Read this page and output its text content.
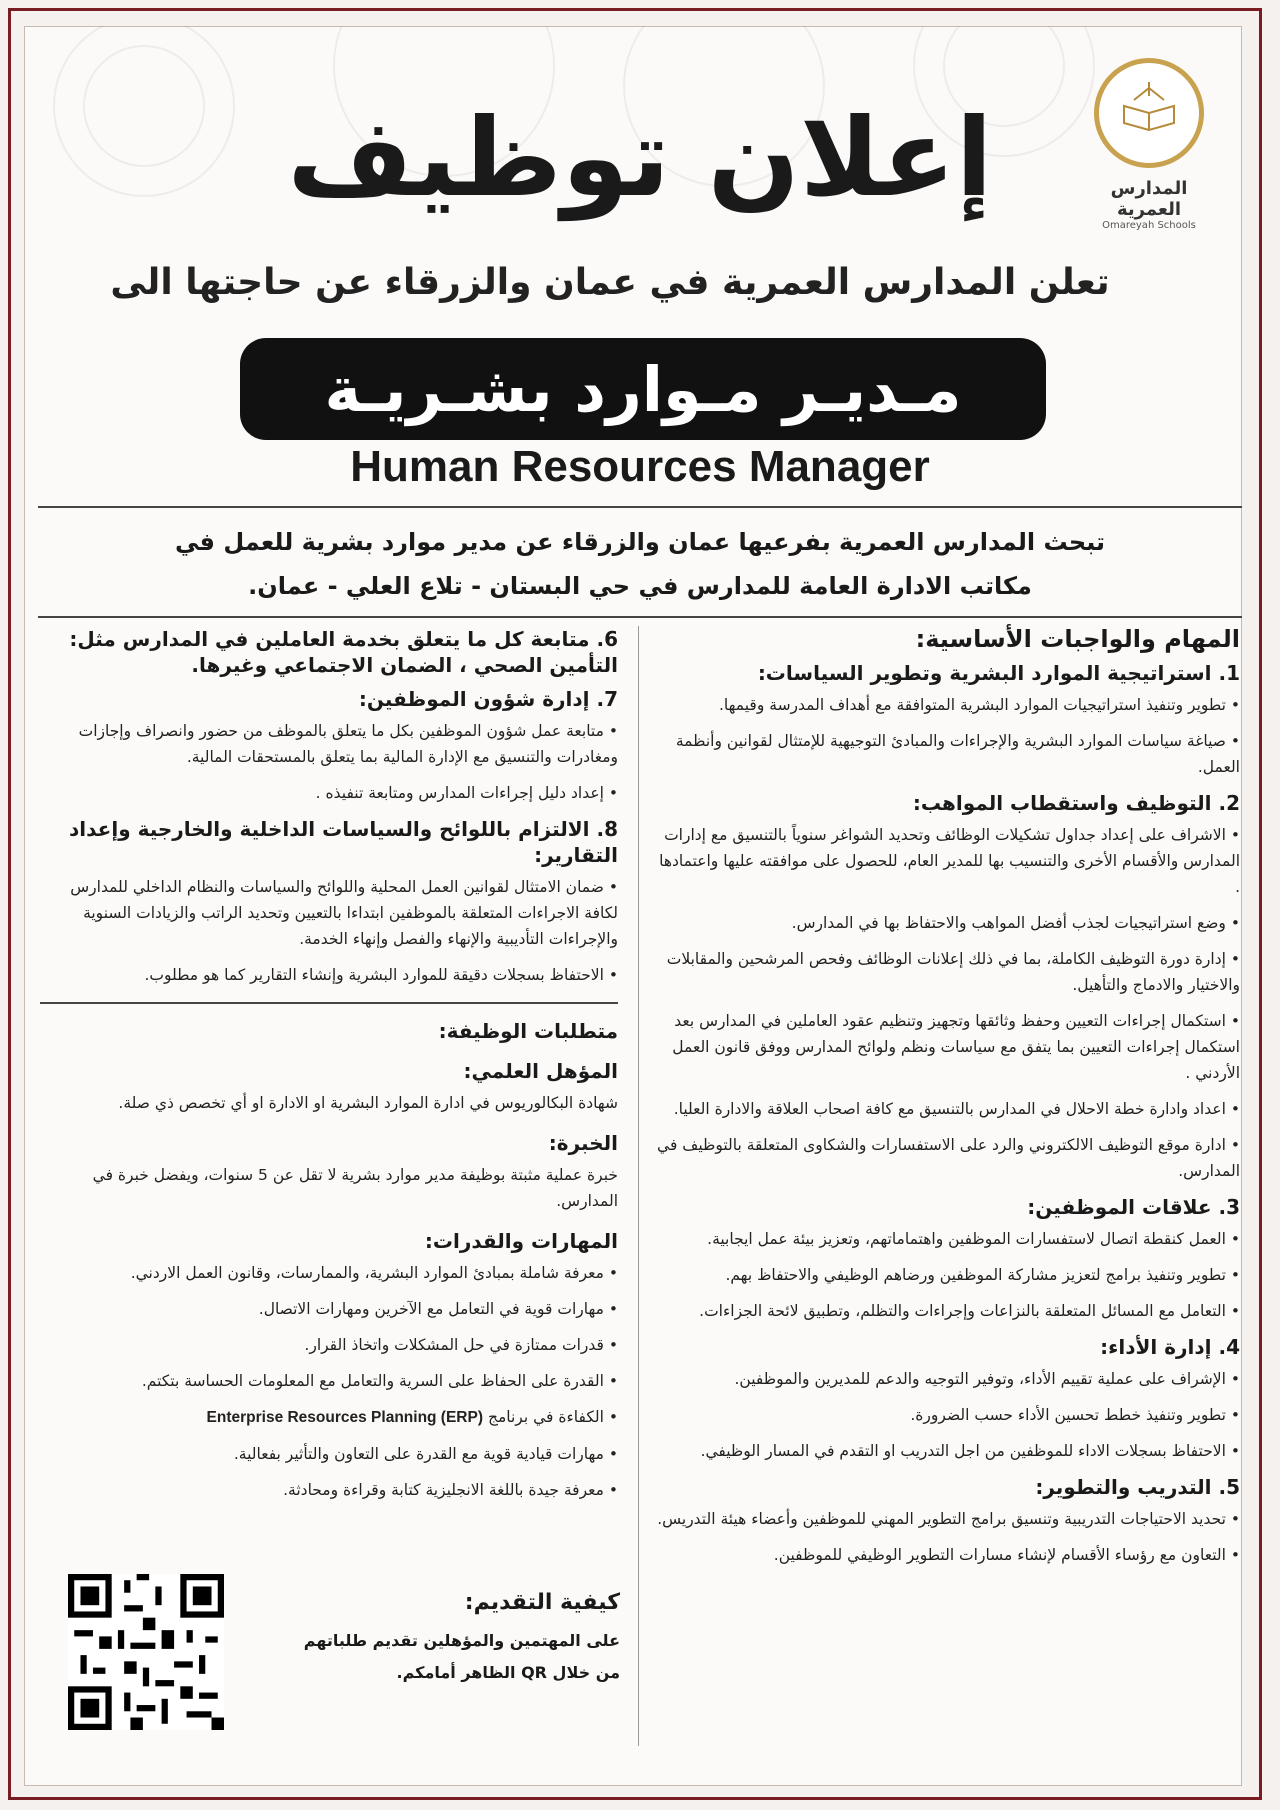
المدارس العمرية
Omareyah Schools
إعلان توظيف
تعلن المدارس العمرية في عمان والزرقاء عن حاجتها الى
مـديـر مـوارد بشـريـة
Human Resources Manager
تبحث المدارس العمرية بفرعيها عمان والزرقاء عن مدير موارد بشرية للعمل في
مكاتب الادارة العامة للمدارس في حي البستان - تلاع العلي - عمان.
المهام والواجبات الأساسية:
1. استراتيجية الموارد البشرية وتطوير السياسات:
• تطوير وتنفيذ استراتيجيات الموارد البشرية المتوافقة مع أهداف المدرسة وقيمها.
• صياغة سياسات الموارد البشرية والإجراءات والمبادئ التوجيهية للإمتثال لقوانين وأنظمة العمل.
2. التوظيف واستقطاب المواهب:
• الاشراف على إعداد جداول تشكيلات الوظائف وتحديد الشواغر سنوياً بالتنسيق مع إدارات المدارس والأقسام الأخرى والتنسيب بها للمدير العام، للحصول على موافقته عليها واعتمادها .
• وضع استراتيجيات لجذب أفضل المواهب والاحتفاظ بها في المدارس.
• إدارة دورة التوظيف الكاملة، بما في ذلك إعلانات الوظائف وفحص المرشحين والمقابلات والاختيار والادماج والتأهيل.
• استكمال إجراءات التعيين وحفظ وثائقها وتجهيز وتنظيم عقود العاملين في المدارس بعد استكمال إجراءات التعيين بما يتفق مع سياسات ونظم ولوائح المدارس ووفق قانون العمل الأردني .
• اعداد وادارة خطة الاحلال في المدارس بالتنسيق مع كافة اصحاب العلاقة والادارة العليا.
• ادارة موقع التوظيف الالكتروني والرد على الاستفسارات والشكاوى المتعلقة بالتوظيف في المدارس.
3. علاقات الموظفين:
• العمل كنقطة اتصال لاستفسارات الموظفين واهتماماتهم، وتعزيز بيئة عمل ايجابية.
• تطوير وتنفيذ برامج لتعزيز مشاركة الموظفين ورضاهم الوظيفي والاحتفاظ بهم.
• التعامل مع المسائل المتعلقة بالنزاعات وإجراءات والتظلم، وتطبيق لائحة الجزاءات.
4. إدارة الأداء:
• الإشراف على عملية تقييم الأداء، وتوفير التوجيه والدعم للمديرين والموظفين.
• تطوير وتنفيذ خطط تحسين الأداء حسب الضرورة.
• الاحتفاظ بسجلات الاداء للموظفين من اجل التدريب او التقدم في المسار الوظيفي.
5. التدريب والتطوير:
• تحديد الاحتياجات التدريبية وتنسيق برامج التطوير المهني للموظفين وأعضاء هيئة التدريس.
• التعاون مع رؤساء الأقسام لإنشاء مسارات التطوير الوظيفي للموظفين.
6. متابعة كل ما يتعلق بخدمة العاملين في المدارس مثل: التأمين الصحي ، الضمان الاجتماعي وغيرها.
7. إدارة شؤون الموظفين:
• متابعة عمل شؤون الموظفين بكل ما يتعلق بالموظف من حضور وانصراف وإجازات ومغادرات والتنسيق مع الإدارة المالية بما يتعلق بالمستحقات المالية.
• إعداد دليل إجراءات المدارس ومتابعة تنفيذه .
8. الالتزام باللوائح والسياسات الداخلية والخارجية وإعداد التقارير:
• ضمان الامتثال لقوانين العمل المحلية واللوائح والسياسات والنظام الداخلي للمدارس لكافة الاجراءات المتعلقة بالموظفين ابتداءا بالتعيين وتحديد الراتب والزيادات السنوية والإجراءات التأديبية والإنهاء والفصل وإنهاء الخدمة.
• الاحتفاظ بسجلات دقيقة للموارد البشرية وإنشاء التقارير كما هو مطلوب.
متطلبات الوظيفة:
المؤهل العلمي:
شهادة البكالوريوس في ادارة الموارد البشرية او الادارة او أي تخصص ذي صلة.
الخبرة:
خبرة عملية مثبتة بوظيفة مدير موارد بشرية لا تقل عن 5 سنوات، ويفضل خبرة في المدارس.
المهارات والقدرات:
• معرفة شاملة بمبادئ الموارد البشرية، والممارسات، وقانون العمل الاردني.
• مهارات قوية في التعامل مع الآخرين ومهارات الاتصال.
• قدرات ممتازة في حل المشكلات واتخاذ القرار.
• القدرة على الحفاظ على السرية والتعامل مع المعلومات الحساسة بتكتم.
• الكفاءة في برنامج Enterprise Resources Planning (ERP)
• مهارات قيادية قوية مع القدرة على التعاون والتأثير بفعالية.
• معرفة جيدة باللغة الانجليزية كتابة وقراءة ومحادثة.
كيفية التقديم:
على المهتمين والمؤهلين تقديم طلباتهم
من خلال QR الظاهر أمامكم.
